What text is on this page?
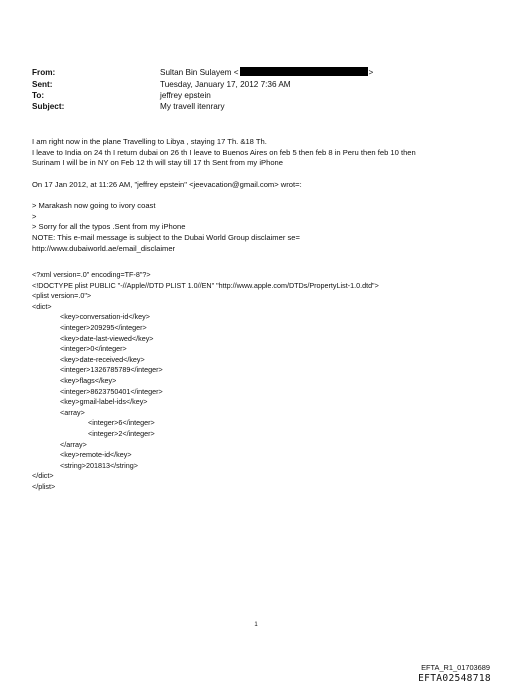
From:	Sultan Bin Sulayem <	>
Sent:	Tuesday, January 17, 2012 7:36 AM
To:	jeffrey epstein
Subject:	My travell itenrary
I am right now in the plane Travelling to Libya , staying 17 Th. &18 Th.
I leave to India on 24 th I return dubai on 26 th I leave to Buenos Aires on feb 5 then feb 8 in Peru then feb 10 then
Surinam I will be in NY on Feb 12 th will stay till 17 th Sent from my iPhone
On 17 Jan 2012, at 11:26 AM, "jeffrey epstein" <jeevacation@gmail.com> wrot=:
> Marakash now going to ivory coast
>
> Sorry for all the typos .Sent from my iPhone
NOTE: This e-mail message is subject to the Dubai World Group disclaimer se=
http://www.dubaiworld.ae/email_disclaimer
<?xml version=.0" encoding=TF-8"?>
<!DOCTYPE plist PUBLIC "-//Apple//DTD PLIST 1.0//EN" "http://www.apple.com/DTDs/PropertyList-1.0.dtd">
<plist version=.0">
<dict>
<key>conversation-id</key>
<integer>209295</integer>
<key>date-last-viewed</key>
<integer>0</integer>
<key>date-received</key>
<integer>1326785789</integer>
<key>flags</key>
<integer>8623750401</integer>
<key>gmail-label-ids</key>
<array>
<integer>6</integer>
<integer>2</integer>
</array>
<key>remote-id</key>
<string>201813</string>
</dict>
</plist>
1
EFTA_R1_01703689
EFTA02548718
